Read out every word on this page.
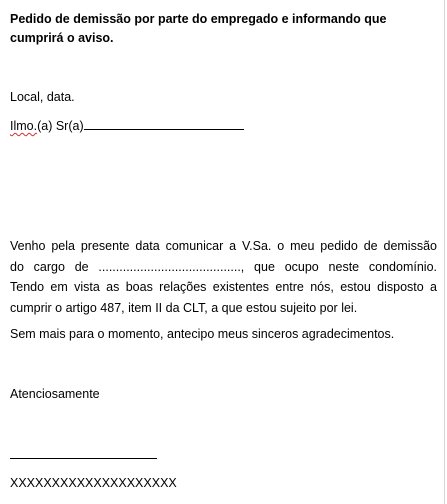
Pedido de demissão por parte do empregado e informando que cumprirá o aviso.
Local, data.
Ilmo.(a) Sr(a)
Venho pela presente data comunicar a V.Sa. o meu pedido de demissão
do cargo de ........................................., que ocupo neste condomínio.
Tendo em vista as boas relações existentes entre nós, estou disposto a
cumprir o artigo 487, item II da CLT, a que estou sujeito por lei.
Sem mais para o momento, antecipo meus sinceros agradecimentos.
Atenciosamente
XXXXXXXXXXXXXXXXXXXX
